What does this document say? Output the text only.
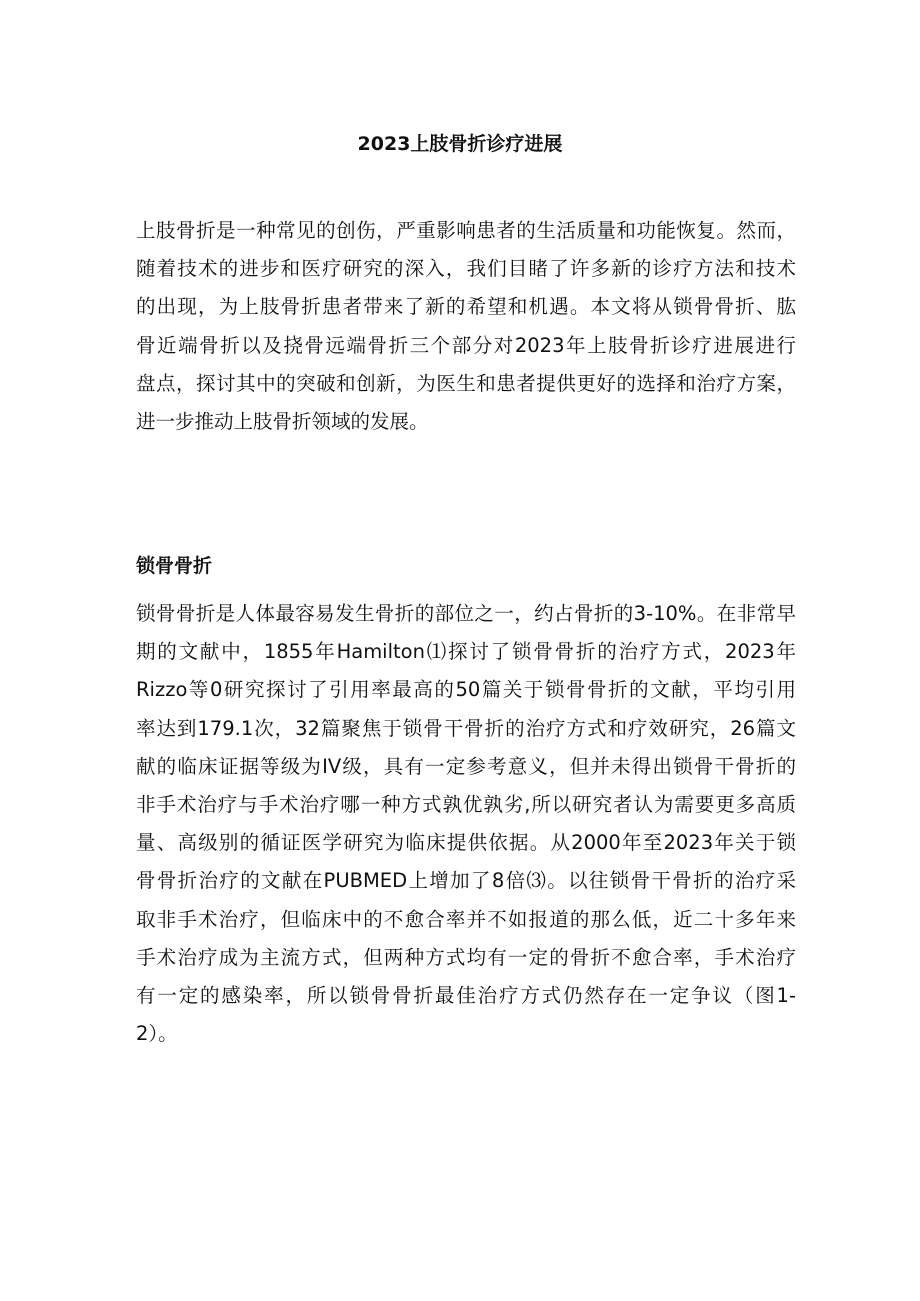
2023上肢骨折诊疗进展

上肢骨折是一种常见的创伤，严重影响患者的生活质量和功能恢复。然而，
随着技术的进步和医疗研究的深入，我们目睹了许多新的诊疗方法和技术
的出现，为上肢骨折患者带来了新的希望和机遇。本文将从锁骨骨折、肱
骨近端骨折以及挠骨远端骨折三个部分对2023年上肢骨折诊疗进展进行
盘点，探讨其中的突破和创新，为医生和患者提供更好的选择和治疗方案，
进一步推动上肢骨折领域的发展。

锁骨骨折

锁骨骨折是人体最容易发生骨折的部位之一，约占骨折的3-10%。在非常早
期的文献中，1855年Hamilton⑴探讨了锁骨骨折的治疗方式，2023年
Rizzo等0研究探讨了引用率最高的50篇关于锁骨骨折的文献，平均引用
率达到179.1次，32篇聚焦于锁骨干骨折的治疗方式和疗效研究，26篇文
献的临床证据等级为IV级，具有一定参考意义，但并未得出锁骨干骨折的
非手术治疗与手术治疗哪一种方式孰优孰劣,所以研究者认为需要更多高质
量、高级别的循证医学研究为临床提供依据。从2000年至2023年关于锁
骨骨折治疗的文献在PUBMED上增加了8倍⑶。以往锁骨干骨折的治疗采
取非手术治疗，但临床中的不愈合率并不如报道的那么低，近二十多年来
手术治疗成为主流方式，但两种方式均有一定的骨折不愈合率，手术治疗
有一定的感染率，所以锁骨骨折最佳治疗方式仍然存在一定争议（图1-
2）。
